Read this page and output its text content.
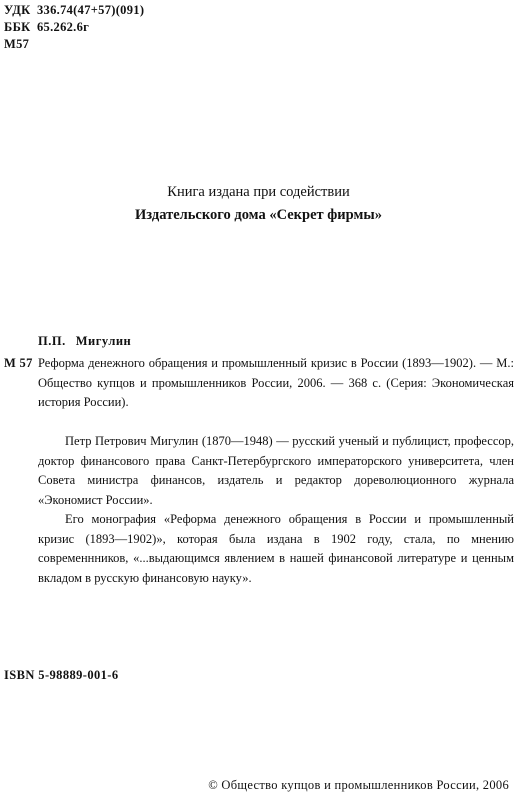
УДК 336.74(47+57)(091)
ББК 65.262.6г
М57
Книга издана при содействии
Издательского дома «Секрет фирмы»
П.П. Мигулин
М 57 Реформа денежного обращения и промышленный кризис в России (1893—1902). — М.: Общество купцов и промышленников России, 2006. — 368 с. (Серия: Экономическая история России).

Петр Петрович Мигулин (1870—1948) — русский ученый и публицист, профессор, доктор финансового права Санкт-Петербургского императорского университета, член Совета министра финансов, издатель и редактор дореволюционного журнала «Экономист России».

Его монография «Реформа денежного обращения в России и промышленный кризис (1893—1902)», которая была издана в 1902 году, стала, по мнению современнников, «...выдающимся явлением в нашей финансовой литературе и ценным вкладом в русскую финансовую науку».

ISBN 5-98889-001-6
© Общество купцов и промышленников России, 2006
